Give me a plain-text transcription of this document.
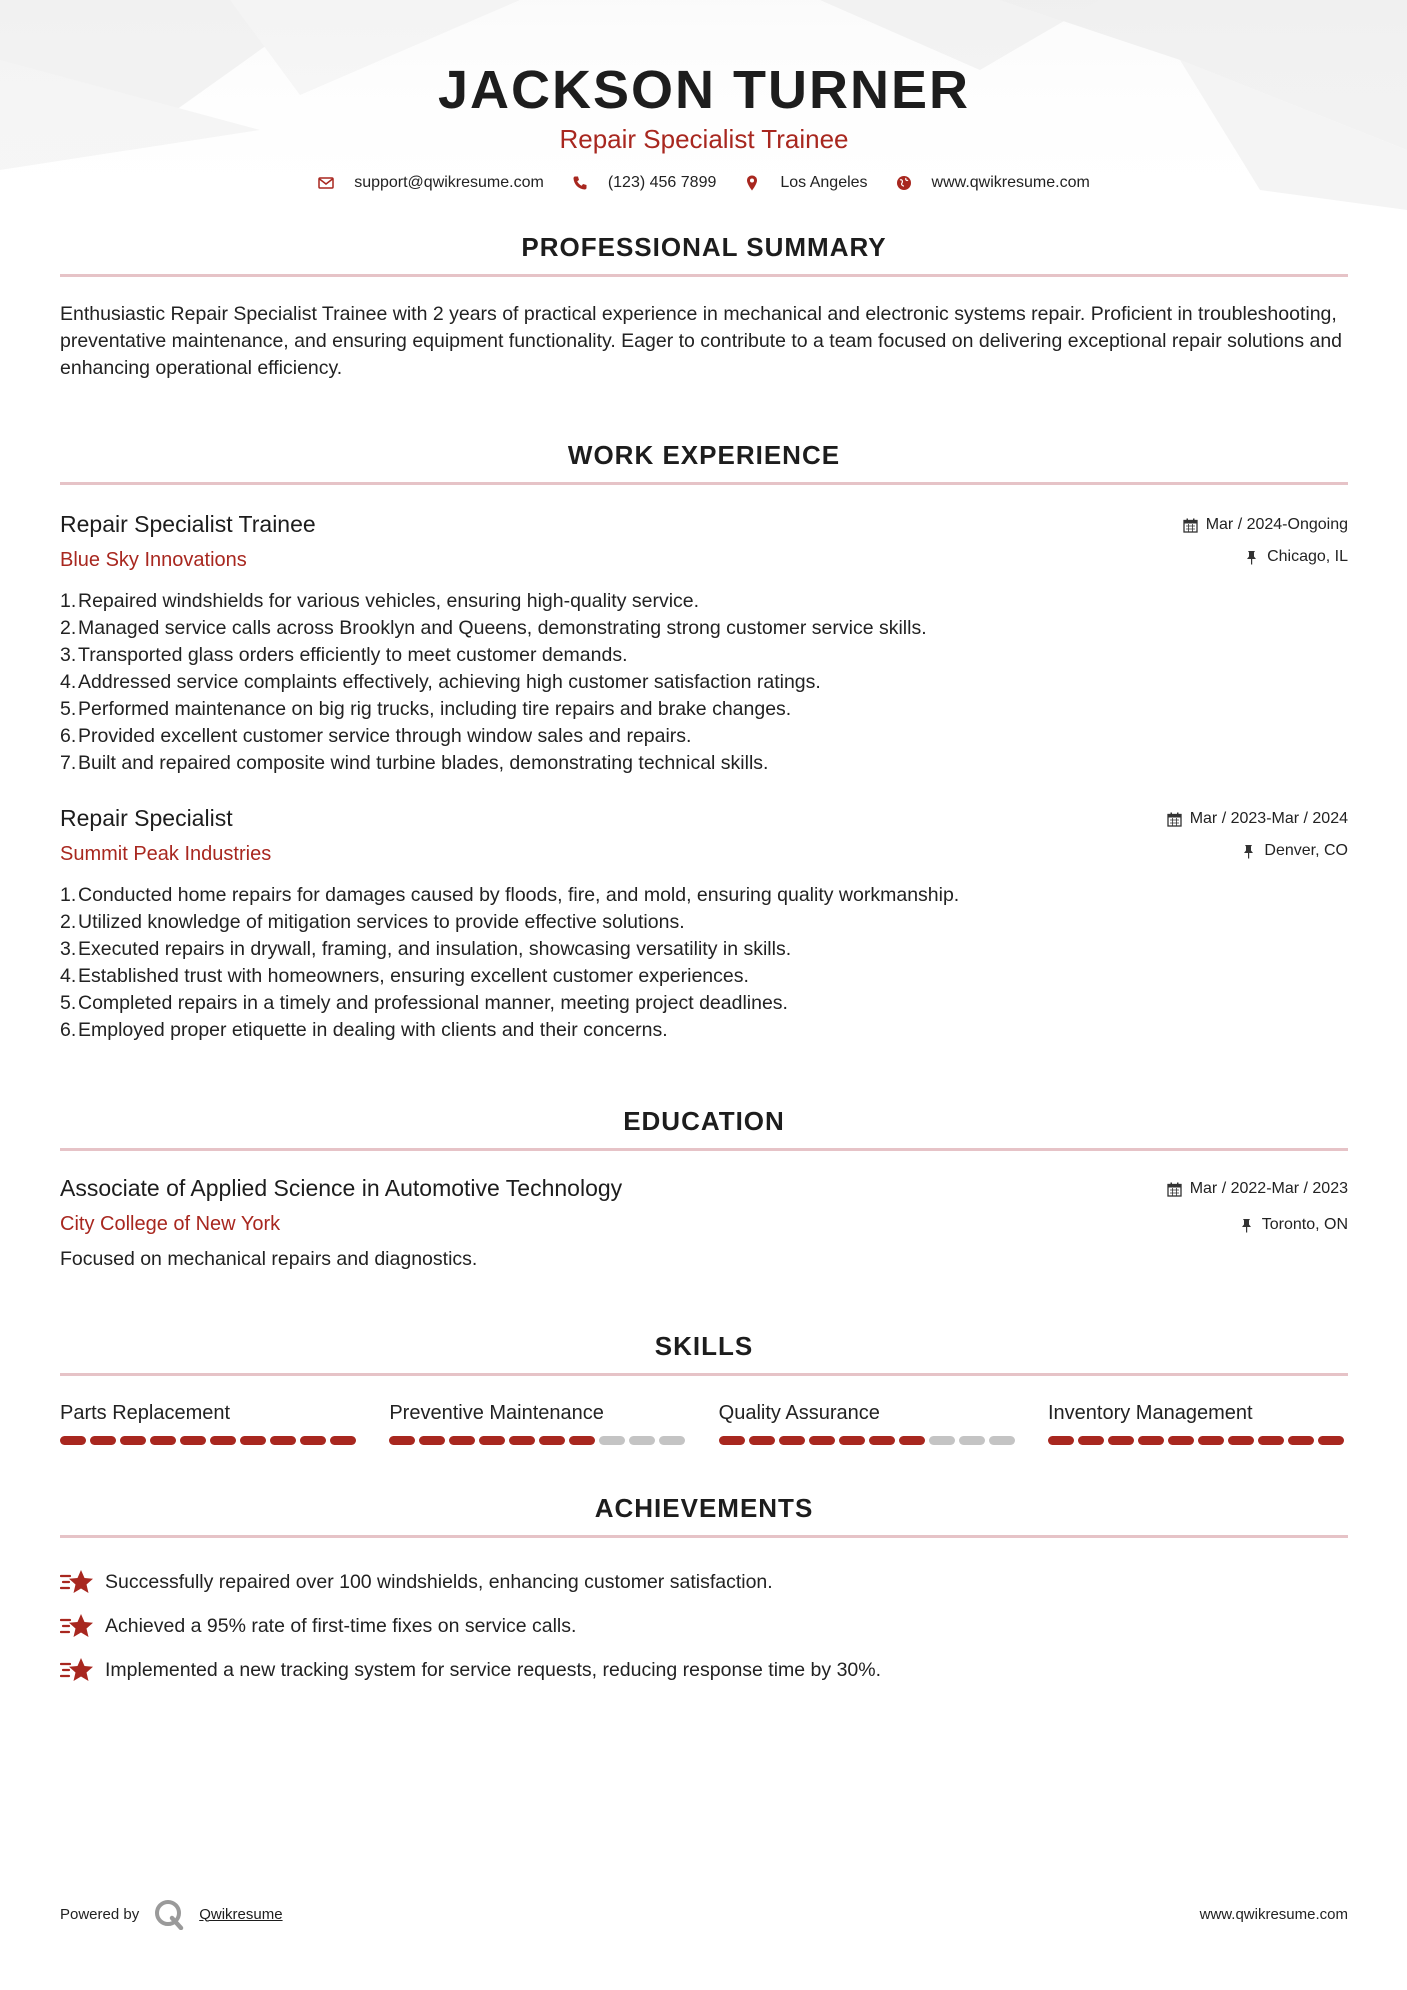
JACKSON TURNER
Repair Specialist Trainee
support@qwikresume.com	(123) 456 7899	Los Angeles	www.qwikresume.com
PROFESSIONAL SUMMARY
Enthusiastic Repair Specialist Trainee with 2 years of practical experience in mechanical and electronic systems repair. Proficient in troubleshooting, preventative maintenance, and ensuring equipment functionality. Eager to contribute to a team focused on delivering exceptional repair solutions and enhancing operational efficiency.
WORK EXPERIENCE
Repair Specialist Trainee
Blue Sky Innovations
Mar / 2024-Ongoing
Chicago, IL
1. Repaired windshields for various vehicles, ensuring high-quality service.
2. Managed service calls across Brooklyn and Queens, demonstrating strong customer service skills.
3. Transported glass orders efficiently to meet customer demands.
4. Addressed service complaints effectively, achieving high customer satisfaction ratings.
5. Performed maintenance on big rig trucks, including tire repairs and brake changes.
6. Provided excellent customer service through window sales and repairs.
7. Built and repaired composite wind turbine blades, demonstrating technical skills.
Repair Specialist
Summit Peak Industries
Mar / 2023-Mar / 2024
Denver, CO
1. Conducted home repairs for damages caused by floods, fire, and mold, ensuring quality workmanship.
2. Utilized knowledge of mitigation services to provide effective solutions.
3. Executed repairs in drywall, framing, and insulation, showcasing versatility in skills.
4. Established trust with homeowners, ensuring excellent customer experiences.
5. Completed repairs in a timely and professional manner, meeting project deadlines.
6. Employed proper etiquette in dealing with clients and their concerns.
EDUCATION
Associate of Applied Science in Automotive Technology
City College of New York
Mar / 2022-Mar / 2023
Toronto, ON
Focused on mechanical repairs and diagnostics.
SKILLS
Parts Replacement	Preventive Maintenance	Quality Assurance	Inventory Management
ACHIEVEMENTS
Successfully repaired over 100 windshields, enhancing customer satisfaction.
Achieved a 95% rate of first-time fixes on service calls.
Implemented a new tracking system for service requests, reducing response time by 30%.
Powered by	Qwikresume	www.qwikresume.com
